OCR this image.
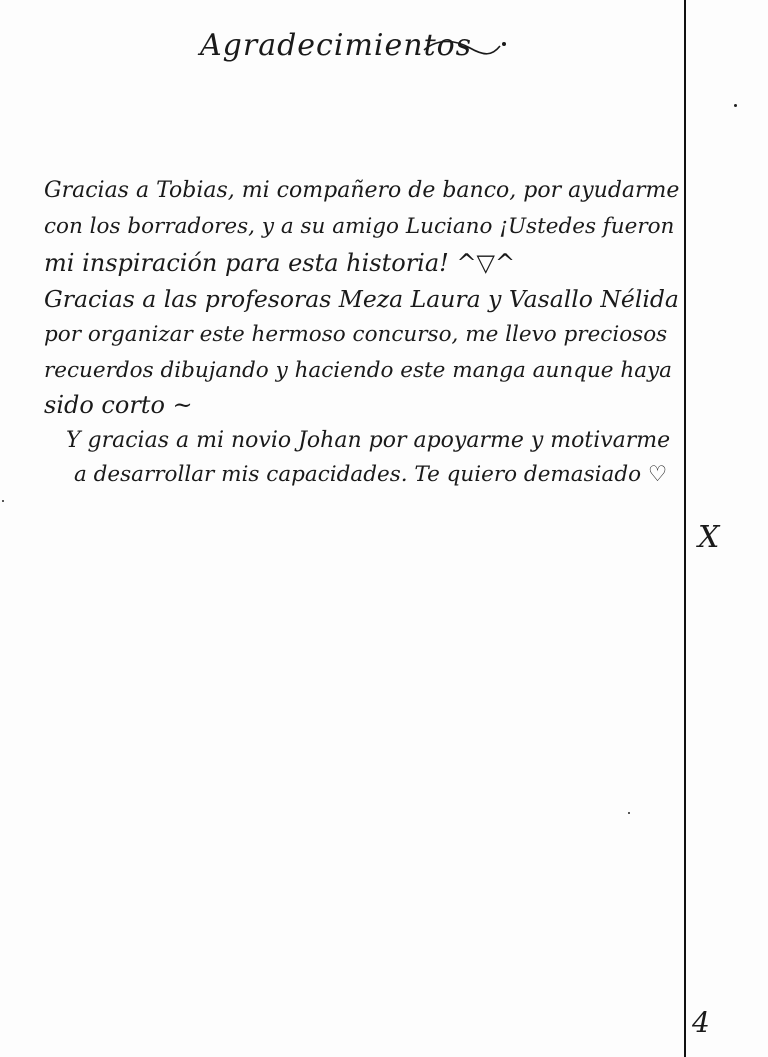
Agradecimientos
Gracias a Tobias, mi compañero de banco, por ayudarme
con los borradores, y a su amigo Luciano ¡Ustedes fueron
mi inspiración para esta historia! ^▽^
Gracias a las profesoras Meza Laura y Vasallo Nélida
por organizar este hermoso concurso, me llevo preciosos
recuerdos dibujando y haciendo este manga aunque haya
sido corto ~
Y gracias a mi novio Johan por apoyarme y motivarme
a desarrollar mis capacidades. Te quiero demasiado ♡
X
4
